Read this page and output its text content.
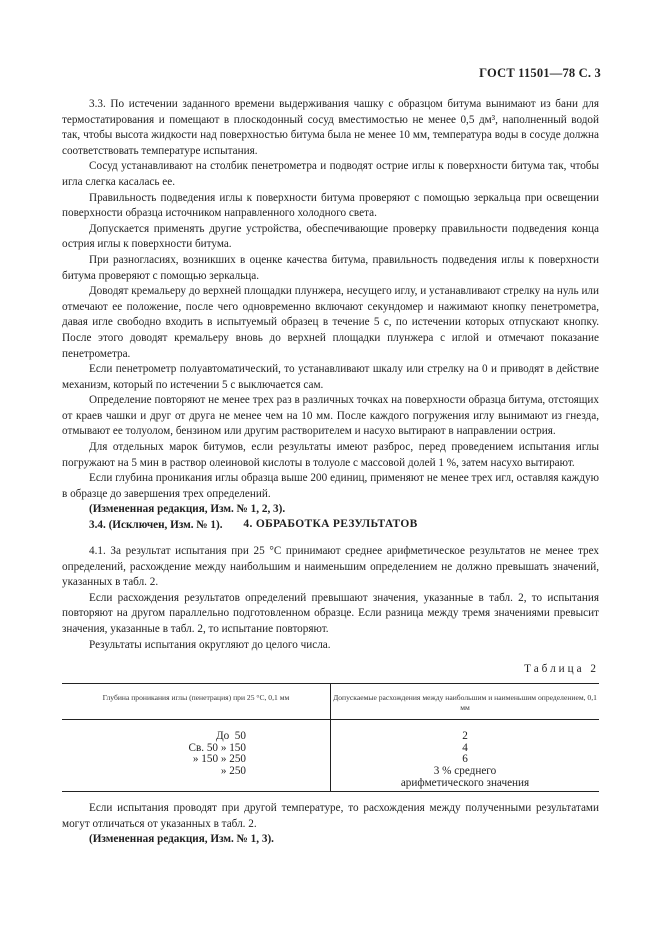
ГОСТ 11501—78 С. 3

3.3. По истечении заданного времени выдерживания чашку с образцом битума вынимают из бани для термостатирования и помещают в плоскодонный сосуд вместимостью не менее 0,5 дм³, наполненный водой так, чтобы высота жидкости над поверхностью битума была не менее 10 мм, температура воды в сосуде должна соответствовать температуре испытания.

Сосуд устанавливают на столбик пенетрометра и подводят острие иглы к поверхности битума так, чтобы игла слегка касалась ее.

Правильность подведения иглы к поверхности битума проверяют с помощью зеркальца при освещении поверхности образца источником направленного холодного света.

Допускается применять другие устройства, обеспечивающие проверку правильности подведения конца острия иглы к поверхности битума.

При разногласиях, возникших в оценке качества битума, правильность подведения иглы к поверхности битума проверяют с помощью зеркальца.

Доводят кремальеру до верхней площадки плунжера, несущего иглу, и устанавливают стрелку на нуль или отмечают ее положение, после чего одновременно включают секундомер и нажимают кнопку пенетрометра, давая игле свободно входить в испытуемый образец в течение 5 с, по истечении которых отпускают кнопку. После этого доводят кремальеру вновь до верхней площадки плунжера с иглой и отмечают показание пенетрометра.

Если пенетрометр полуавтоматический, то устанавливают шкалу или стрелку на 0 и приводят в действие механизм, который по истечении 5 с выключается сам.

Определение повторяют не менее трех раз в различных точках на поверхности образца битума, отстоящих от краев чашки и друг от друга не менее чем на 10 мм. После каждого погружения иглу вынимают из гнезда, отмывают ее толуолом, бензином или другим растворителем и насухо вытирают в направлении острия.

Для отдельных марок битумов, если результаты имеют разброс, перед проведением испытания иглы погружают на 5 мин в раствор олеиновой кислоты в толуоле с массовой долей 1 %, затем насухо вытирают.

Если глубина проникания иглы образца выше 200 единиц, применяют не менее трех игл, оставляя каждую в образце до завершения трех определений.

(Измененная редакция, Изм. № 1, 2, 3).

3.4. (Исключен, Изм. № 1).	4. ОБРАБОТКА РЕЗУЛЬТАТОВ

4.1. За результат испытания при 25 °С принимают среднее арифметическое результатов не менее трех определений, расхождение между наибольшим и наименьшим определением не должно превышать значений, указанных в табл. 2.

Если расхождения результатов определений превышают значения, указанные в табл. 2, то испытания повторяют на другом параллельно подготовленном образце. Если разница между тремя значениями превысит значения, указанные в табл. 2, то испытание повторяют.

Результаты испытания округляют до целого числа.

Таблица 2
Глубина проникания иглы (пенетрация) при 25 °С, 0,1 мм	Допускаемые расхождения между наибольшим и наименьшим определением, 0,1 мм
До  50
Св. 50 » 150
» 150 » 250
» 250
2
4
6
3 % среднего арифметического значения

Если испытания проводят при другой температуре, то расхождения между полученными результатами могут отличаться от указанных в табл. 2.

(Измененная редакция, Изм. № 1, 3).
